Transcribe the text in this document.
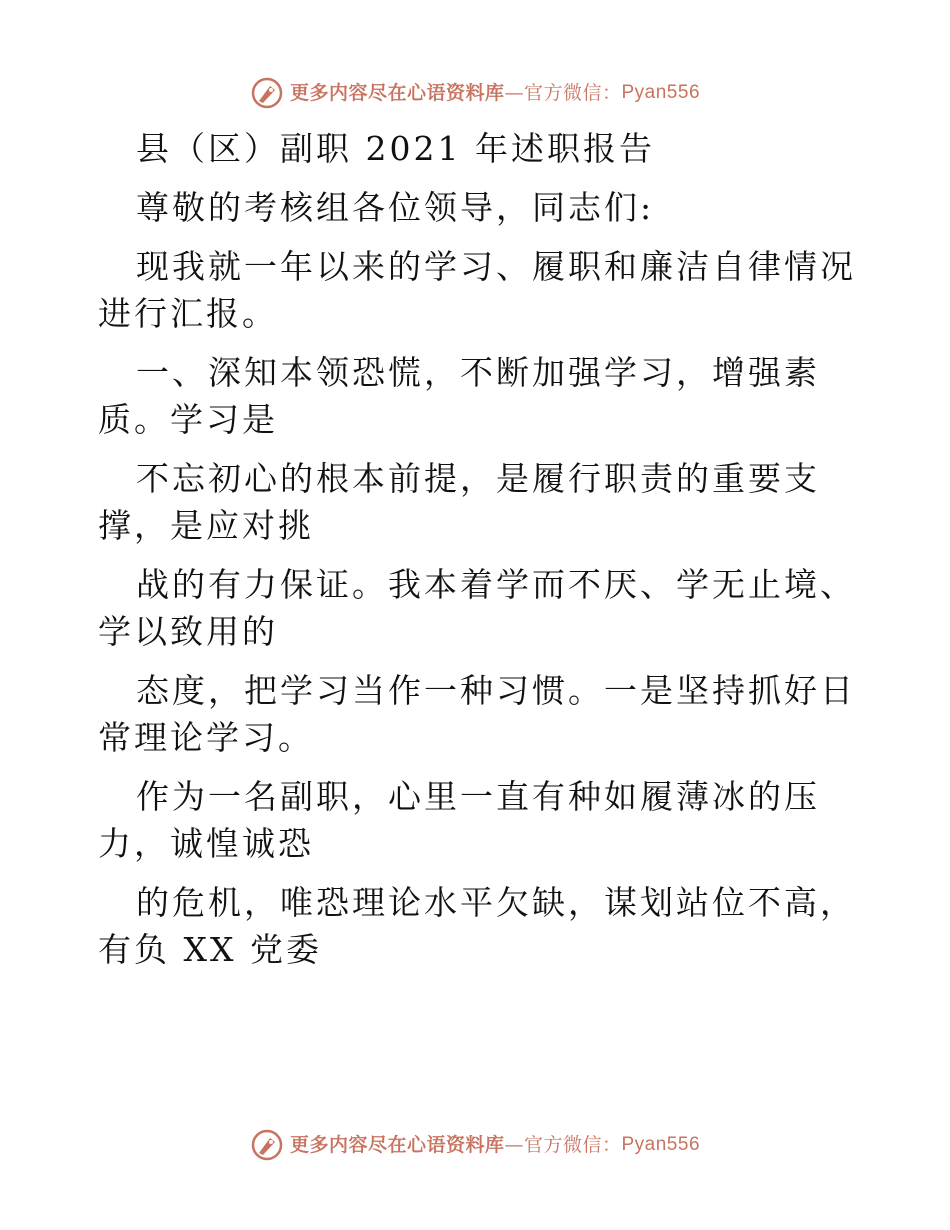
更多内容尽在心语资料库 — 官方微信： Pyan556

县（区）副职 2021 年述职报告

尊敬的考核组各位领导，同志们:

现我就一年以来的学习、履职和廉洁自律情况进行汇报。

一、深知本领恐慌，不断加强学习，增强素质。学习是

不忘初心的根本前提，是履行职责的重要支撑，是应对挑

战的有力保证。我本着学而不厌、学无止境、学以致用的

态度，把学习当作一种习惯。一是坚持抓好日常理论学习。

作为一名副职，心里一直有种如履薄冰的压力，诚惶诚恐

的危机，唯恐理论水平欠缺，谋划站位不高，有负 XX 党委

更多内容尽在心语资料库 — 官方微信： Pyan556
